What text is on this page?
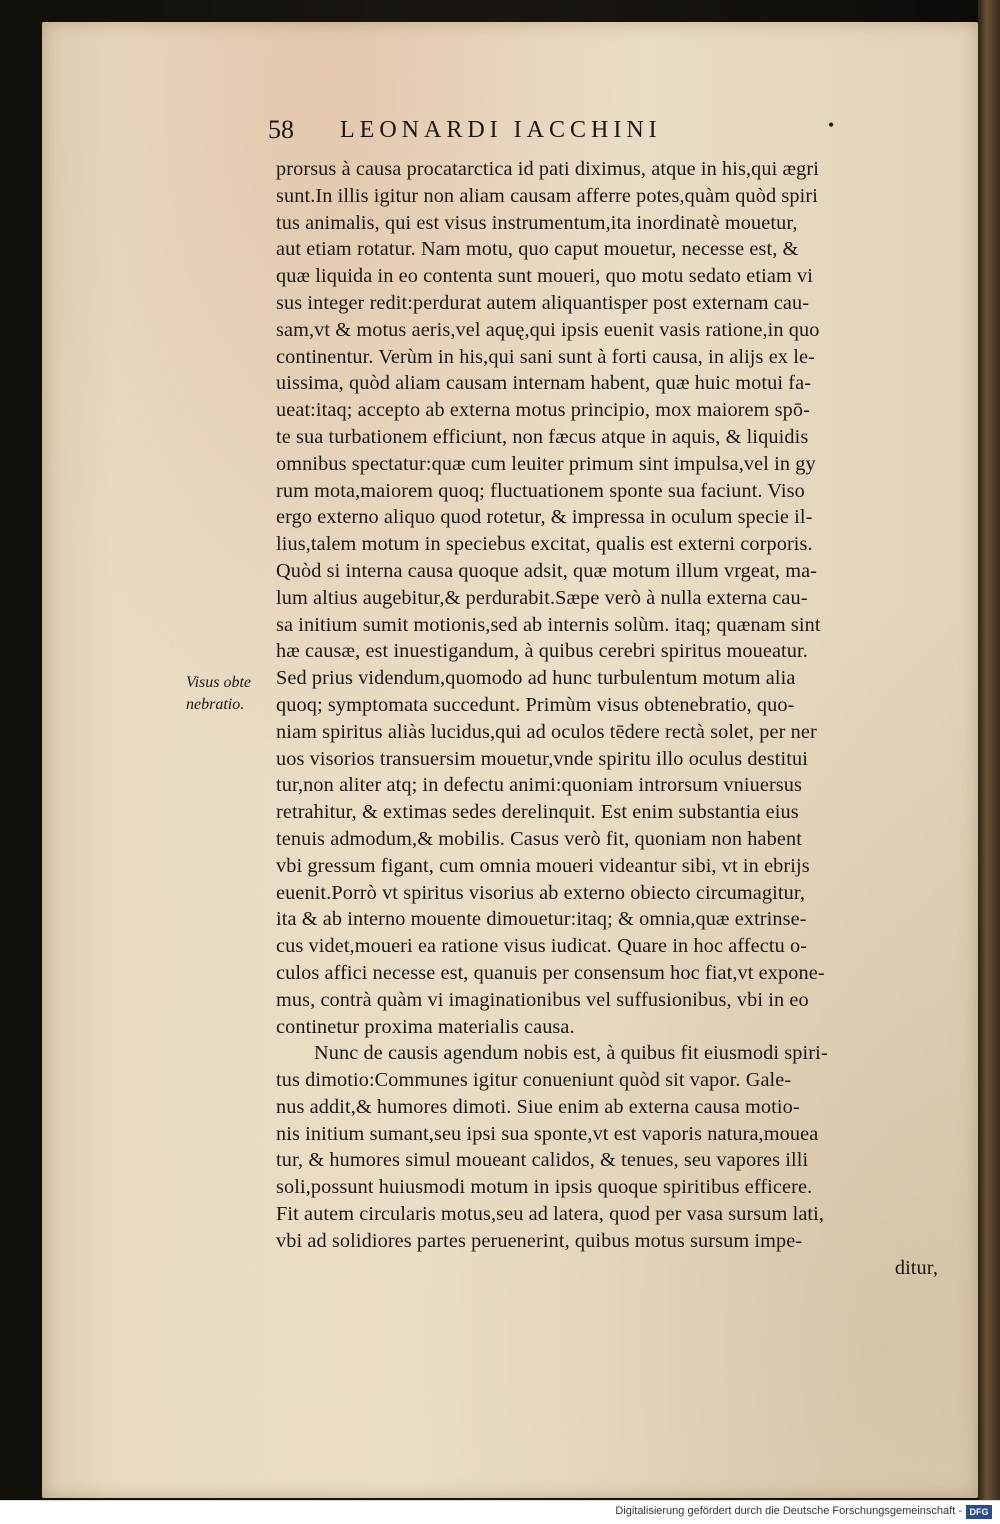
58 LEONARDI IACCHINI	•
Visus obte
nebratio.
prorsus à causa procatarctica id pati diximus, atque in his,qui ægri
sunt.In illis igitur non aliam causam afferre potes,quàm quòd spiri
tus animalis, qui est visus instrumentum,ita inordinatè mouetur,
aut etiam rotatur. Nam motu, quo caput mouetur, necesse est, &
quæ liquida in eo contenta sunt moueri, quo motu sedato etiam vi
sus integer redit:perdurat autem aliquantisper post externam cau-
sam,vt & motus aeris,vel aquę,qui ipsis euenit vasis ratione,in quo
continentur. Verùm in his,qui sani sunt à forti causa, in alijs ex le-
uissima, quòd aliam causam internam habent, quæ huic motui fa-
ueat:itaq; accepto ab externa motus principio, mox maiorem spō-
te sua turbationem efficiunt, non fæcus atque in aquis, & liquidis
omnibus spectatur:quæ cum leuiter primum sint impulsa,vel in gy
rum mota,maiorem quoq; fluctuationem sponte sua faciunt. Viso
ergo externo aliquo quod rotetur, & impressa in oculum specie il-
lius,talem motum in speciebus excitat, qualis est externi corporis.
Quòd si interna causa quoque adsit, quæ motum illum vrgeat, ma-
lum altius augebitur,& perdurabit.Sæpe verò à nulla externa cau-
sa initium sumit motionis,sed ab internis solùm. itaq; quænam sint
hæ causæ, est inuestigandum, à quibus cerebri spiritus moueatur.
Sed prius videndum,quomodo ad hunc turbulentum motum alia
quoq; symptomata succedunt. Primùm visus obtenebratio, quo-
niam spiritus aliàs lucidus,qui ad oculos tēdere rectà solet, per ner
uos visorios transuersim mouetur,vnde spiritu illo oculus destitui
tur,non aliter atq; in defectu animi:quoniam introrsum vniuersus
retrahitur, & extimas sedes derelinquit. Est enim substantia eius
tenuis admodum,& mobilis. Casus verò fit, quoniam non habent
vbi gressum figant, cum omnia moueri videantur sibi, vt in ebrijs
euenit.Porrò vt spiritus visorius ab externo obiecto circumagitur,
ita & ab interno mouente dimouetur:itaq; & omnia,quæ extrinse-
cus videt,moueri ea ratione visus iudicat. Quare in hoc affectu o-
culos affici necesse est, quanuis per consensum hoc fiat,vt expone-
mus, contrà quàm vi imaginationibus vel suffusionibus, vbi in eo
continetur proxima materialis causa.
Nunc de causis agendum nobis est, à quibus fit eiusmodi spiri-
tus dimotio:Communes igitur conueniunt quòd sit vapor. Gale-
nus addit,& humores dimoti. Siue enim ab externa causa motio-
nis initium sumant,seu ipsi sua sponte,vt est vaporis natura,mouea
tur, & humores simul moueant calidos, & tenues, seu vapores illi
soli,possunt huiusmodi motum in ipsis quoque spiritibus efficere.
Fit autem circularis motus,seu ad latera, quod per vasa sursum lati,
vbi ad solidiores partes peruenerint, quibus motus sursum impe-
ditur,
Digitalisierung gefördert durch die Deutsche Forschungsgemeinschaft - DFG
